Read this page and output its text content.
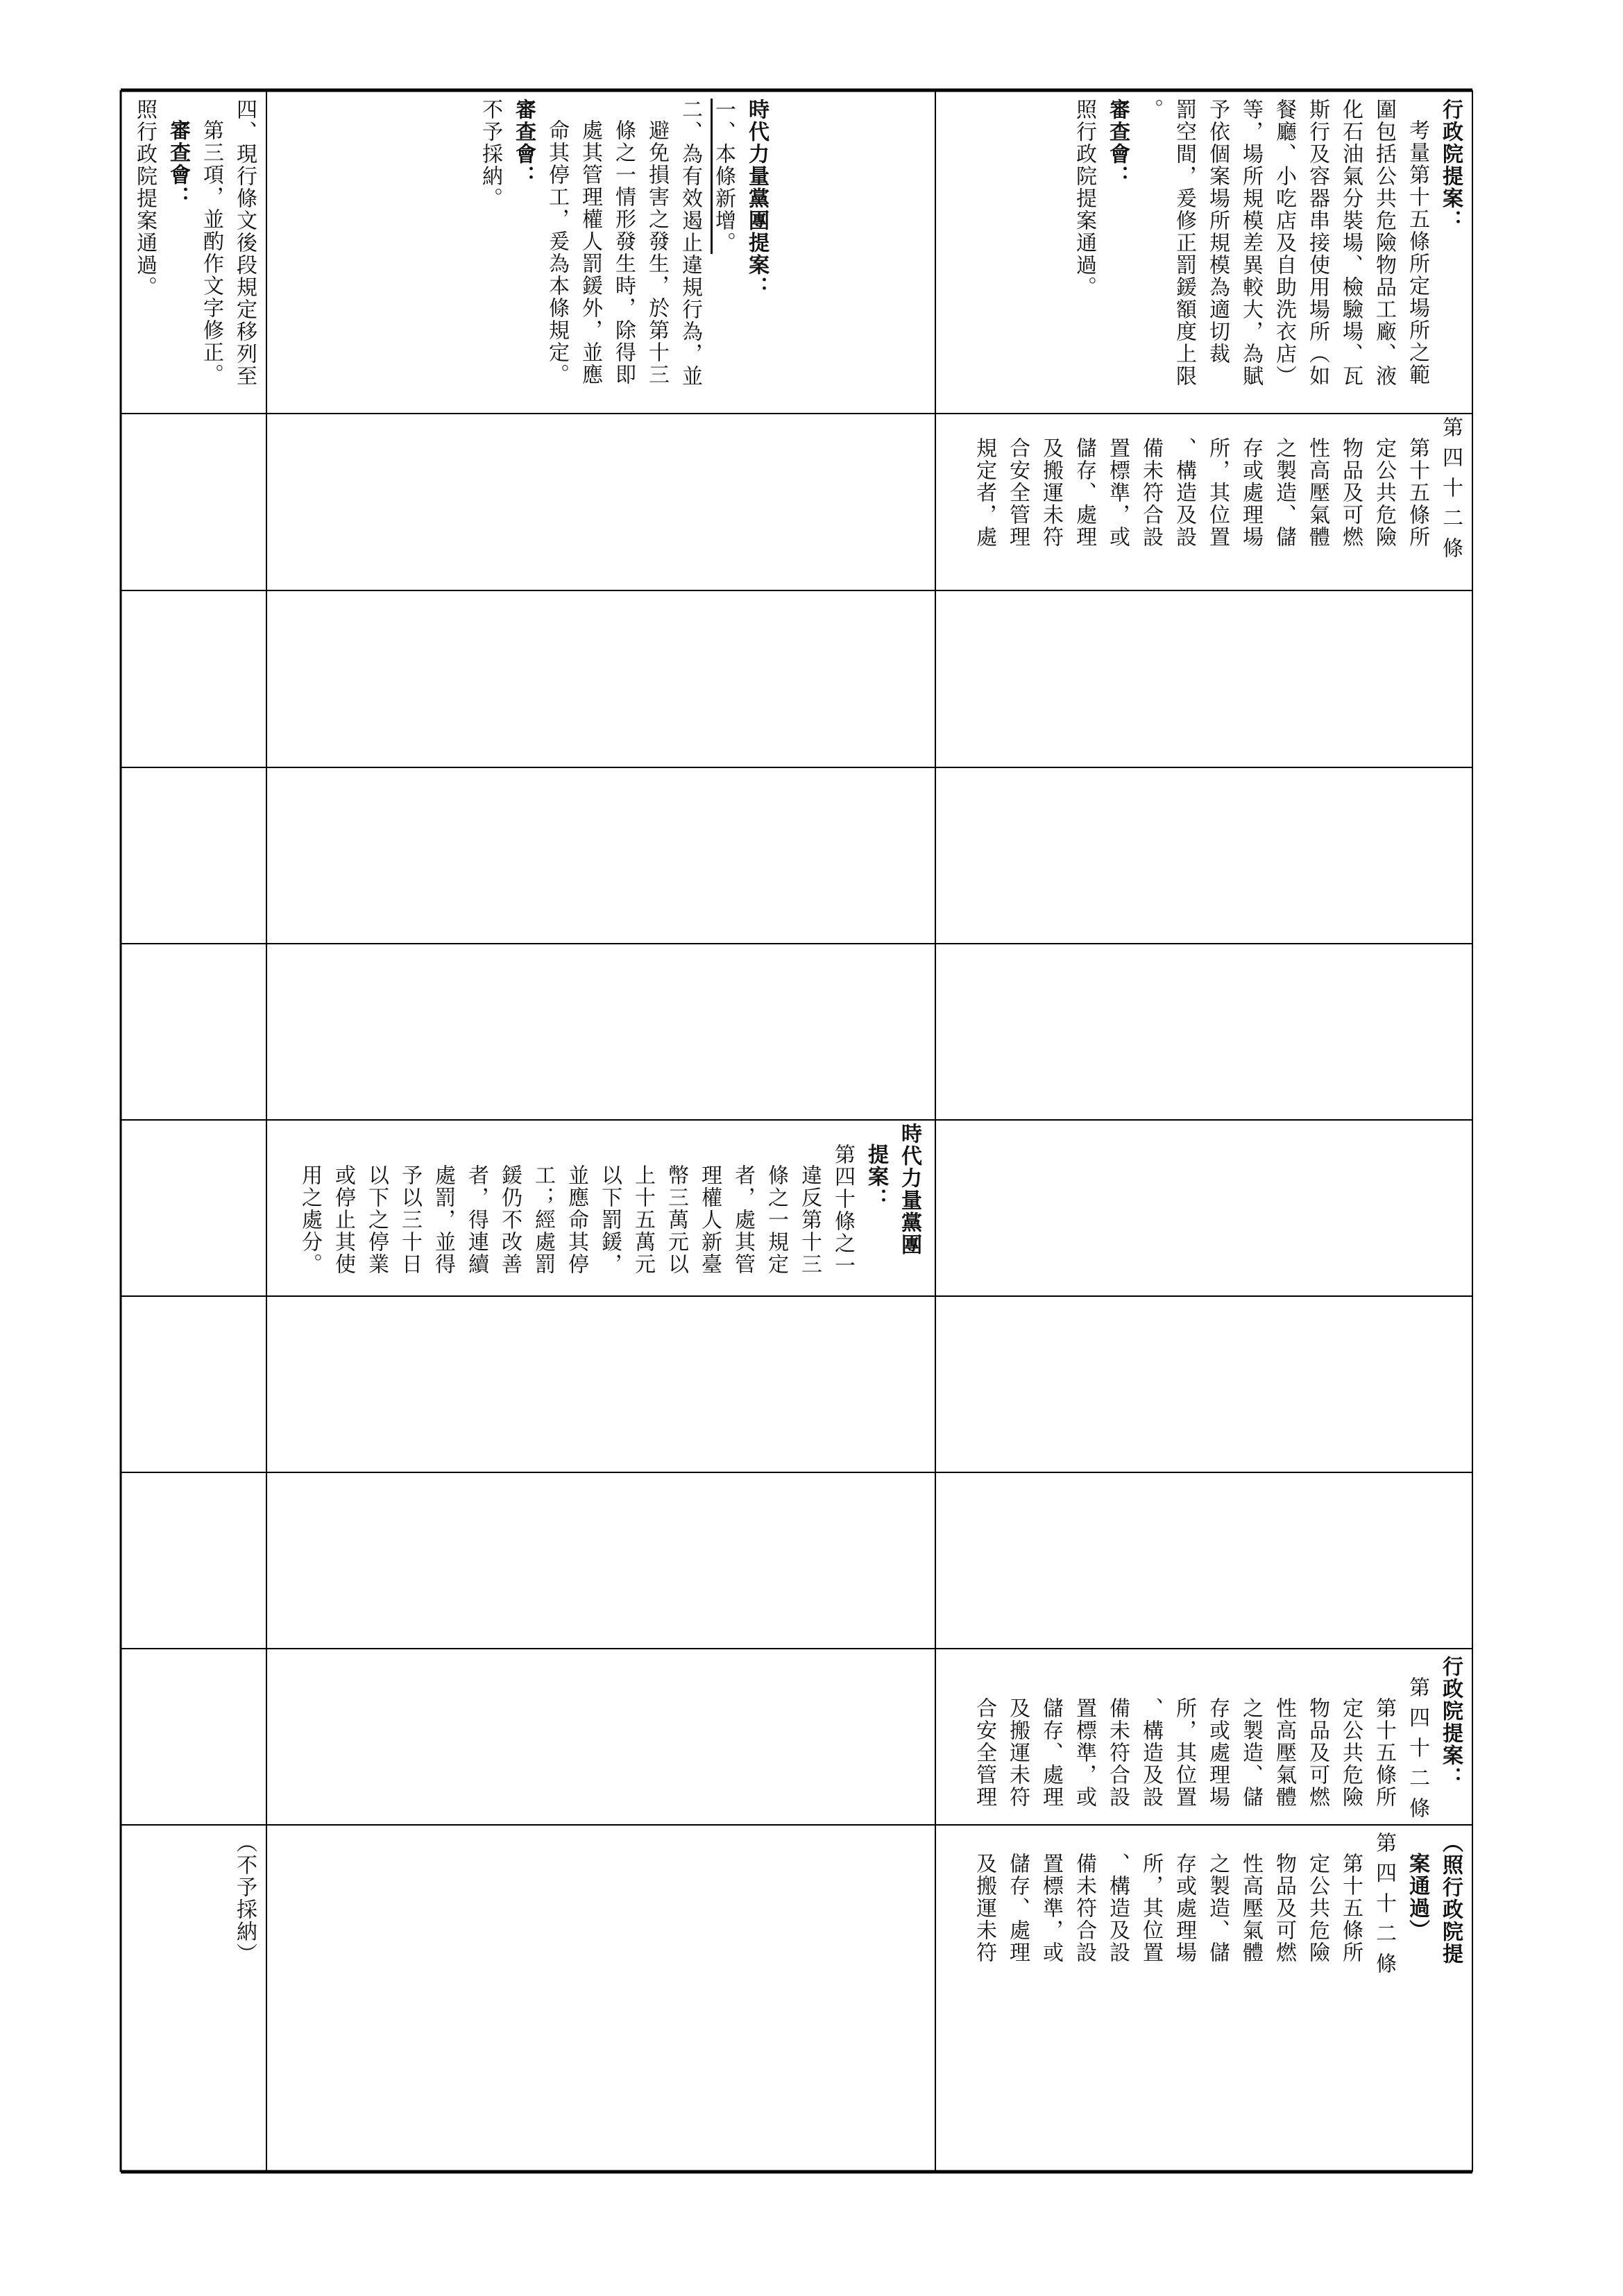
四、現行條文後段規定移列至
第三項，並酌作文字修正。
審查會：
照行政院提案通過。	時代力量黨團提案：
一、本條新增。
二、為有效遏止違規行為，並
避免損害之發生，於第十三
條之一情形發生時，除得即
處其管理權人罰鍰外，並應
命其停工，爰為本條規定。
審查會：
不予採納。
第 四 十 二 條
第十五條所
定公共危險
物品及可燃
性高壓氣體
之製造、儲
存或處理場
所，其位置
、構造及設
備未符合設
置標準，或
儲存、處理
及搬運未符
合安全管理
規定者，處
行政院提案：
考量第十五條所定場所之範
圍包括公共危險物品工廠、液
化石油氣分裝場、檢驗場、瓦
斯行及容器串接使用場所（如
餐廳、小吃店及自助洗衣店）
等，場所規模差異較大，為賦
予依個案場所規模為適切裁
罰空間，爰修正罰鍰額度上限
。
審查會：
照行政院提案通過。
時代力量黨團
提案：
第四十條之一
違反第十三
條之一規定
者，處其管
理權人新臺
幣三萬元以
上十五萬元
以下罰鍰，
並應命其停
工；經處罰
鍰仍不改善
者，得連續
處罰，並得
予以三十日
以下之停業
或停止其使
用之處分。
（不予採納）	（照行政院提
案通過）
第 四 十 二 條
第十五條所
定公共危險
物品及可燃
性高壓氣體
之製造、儲
存或處理場
所，其位置
、構造及設
備未符合設
置標準，或
儲存、處理
及搬運未符
行政院提案：
第 四 十 二 條
第十五條所
定公共危險
物品及可燃
性高壓氣體
之製造、儲
存或處理場
所，其位置
、構造及設
備未符合設
置標準，或
儲存、處理
及搬運未符
合安全管理
